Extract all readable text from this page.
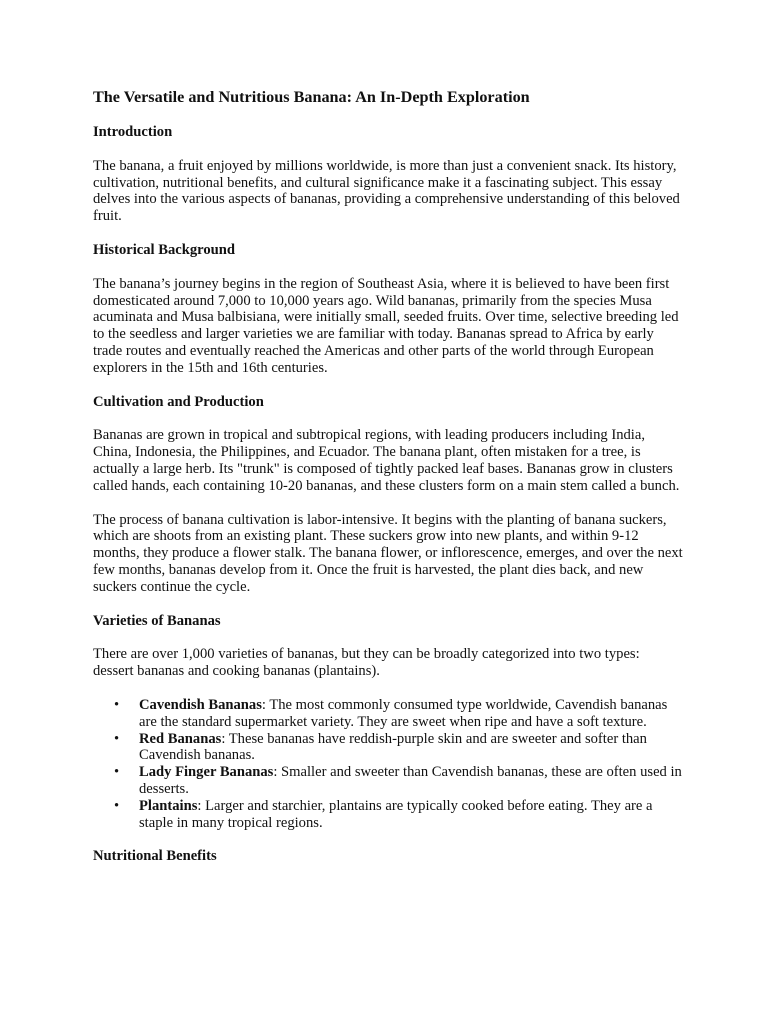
The Versatile and Nutritious Banana: An In-Depth Exploration
Introduction

The banana, a fruit enjoyed by millions worldwide, is more than just a convenient snack. Its history, cultivation, nutritional benefits, and cultural significance make it a fascinating subject. This essay delves into the various aspects of bananas, providing a comprehensive understanding of this beloved fruit.

Historical Background

The banana’s journey begins in the region of Southeast Asia, where it is believed to have been first domesticated around 7,000 to 10,000 years ago. Wild bananas, primarily from the species Musa acuminata and Musa balbisiana, were initially small, seeded fruits. Over time, selective breeding led to the seedless and larger varieties we are familiar with today. Bananas spread to Africa by early trade routes and eventually reached the Americas and other parts of the world through European explorers in the 15th and 16th centuries.

Cultivation and Production

Bananas are grown in tropical and subtropical regions, with leading producers including India, China, Indonesia, the Philippines, and Ecuador. The banana plant, often mistaken for a tree, is actually a large herb. Its "trunk" is composed of tightly packed leaf bases. Bananas grow in clusters called hands, each containing 10-20 bananas, and these clusters form on a main stem called a bunch.

The process of banana cultivation is labor-intensive. It begins with the planting of banana suckers, which are shoots from an existing plant. These suckers grow into new plants, and within 9-12 months, they produce a flower stalk. The banana flower, or inflorescence, emerges, and over the next few months, bananas develop from it. Once the fruit is harvested, the plant dies back, and new suckers continue the cycle.

Varieties of Bananas

There are over 1,000 varieties of bananas, but they can be broadly categorized into two types: dessert bananas and cooking bananas (plantains).

• Cavendish Bananas: The most commonly consumed type worldwide, Cavendish bananas are the standard supermarket variety. They are sweet when ripe and have a soft texture.
• Red Bananas: These bananas have reddish-purple skin and are sweeter and softer than Cavendish bananas.
• Lady Finger Bananas: Smaller and sweeter than Cavendish bananas, these are often used in desserts.
• Plantains: Larger and starchier, plantains are typically cooked before eating. They are a staple in many tropical regions.
Nutritional Benefits
